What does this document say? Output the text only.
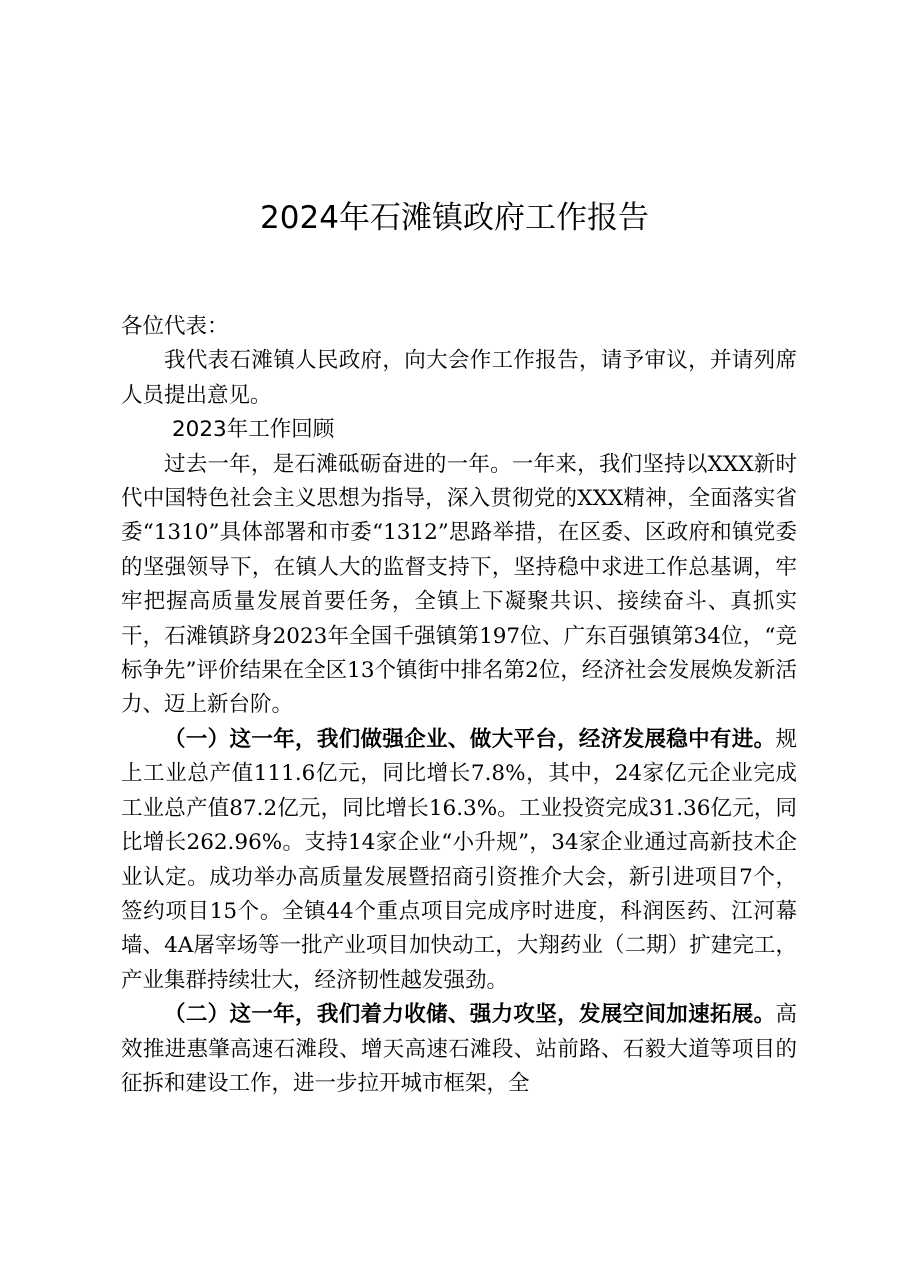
2024年石滩镇政府工作报告

各位代表：

我代表石滩镇人民政府，向大会作工作报告，请予审议，并请列席人员提出意见。

2023年工作回顾

过去一年，是石滩砥砺奋进的一年。一年来，我们坚持以XXX新时代中国特色社会主义思想为指导，深入贯彻党的XXX精神，全面落实省委“1310”具体部署和市委“1312”思路举措，在区委、区政府和镇党委的坚强领导下，在镇人大的监督支持下，坚持稳中求进工作总基调，牢牢把握高质量发展首要任务，全镇上下凝聚共识、接续奋斗、真抓实干，石滩镇跻身2023年全国千强镇第197位、广东百强镇第34位，“竞标争先”评价结果在全区13个镇街中排名第2位，经济社会发展焕发新活力、迈上新台阶。

（一）这一年，我们做强企业、做大平台，经济发展稳中有进。规上工业总产值111.6亿元，同比增长7.8%，其中，24家亿元企业完成工业总产值87.2亿元，同比增长16.3%。工业投资完成31.36亿元，同比增长262.96%。支持14家企业“小升规”，34家企业通过高新技术企业认定。成功举办高质量发展暨招商引资推介大会，新引进项目7个，签约项目15个。全镇44个重点项目完成序时进度，科润医药、江河幕墙、4A屠宰场等一批产业项目加快动工，大翔药业（二期）扩建完工，产业集群持续壮大，经济韧性越发强劲。

（二）这一年，我们着力收储、强力攻坚，发展空间加速拓展。高效推进惠肇高速石滩段、增天高速石滩段、站前路、石毅大道等项目的征拆和建设工作，进一步拉开城市框架，全
